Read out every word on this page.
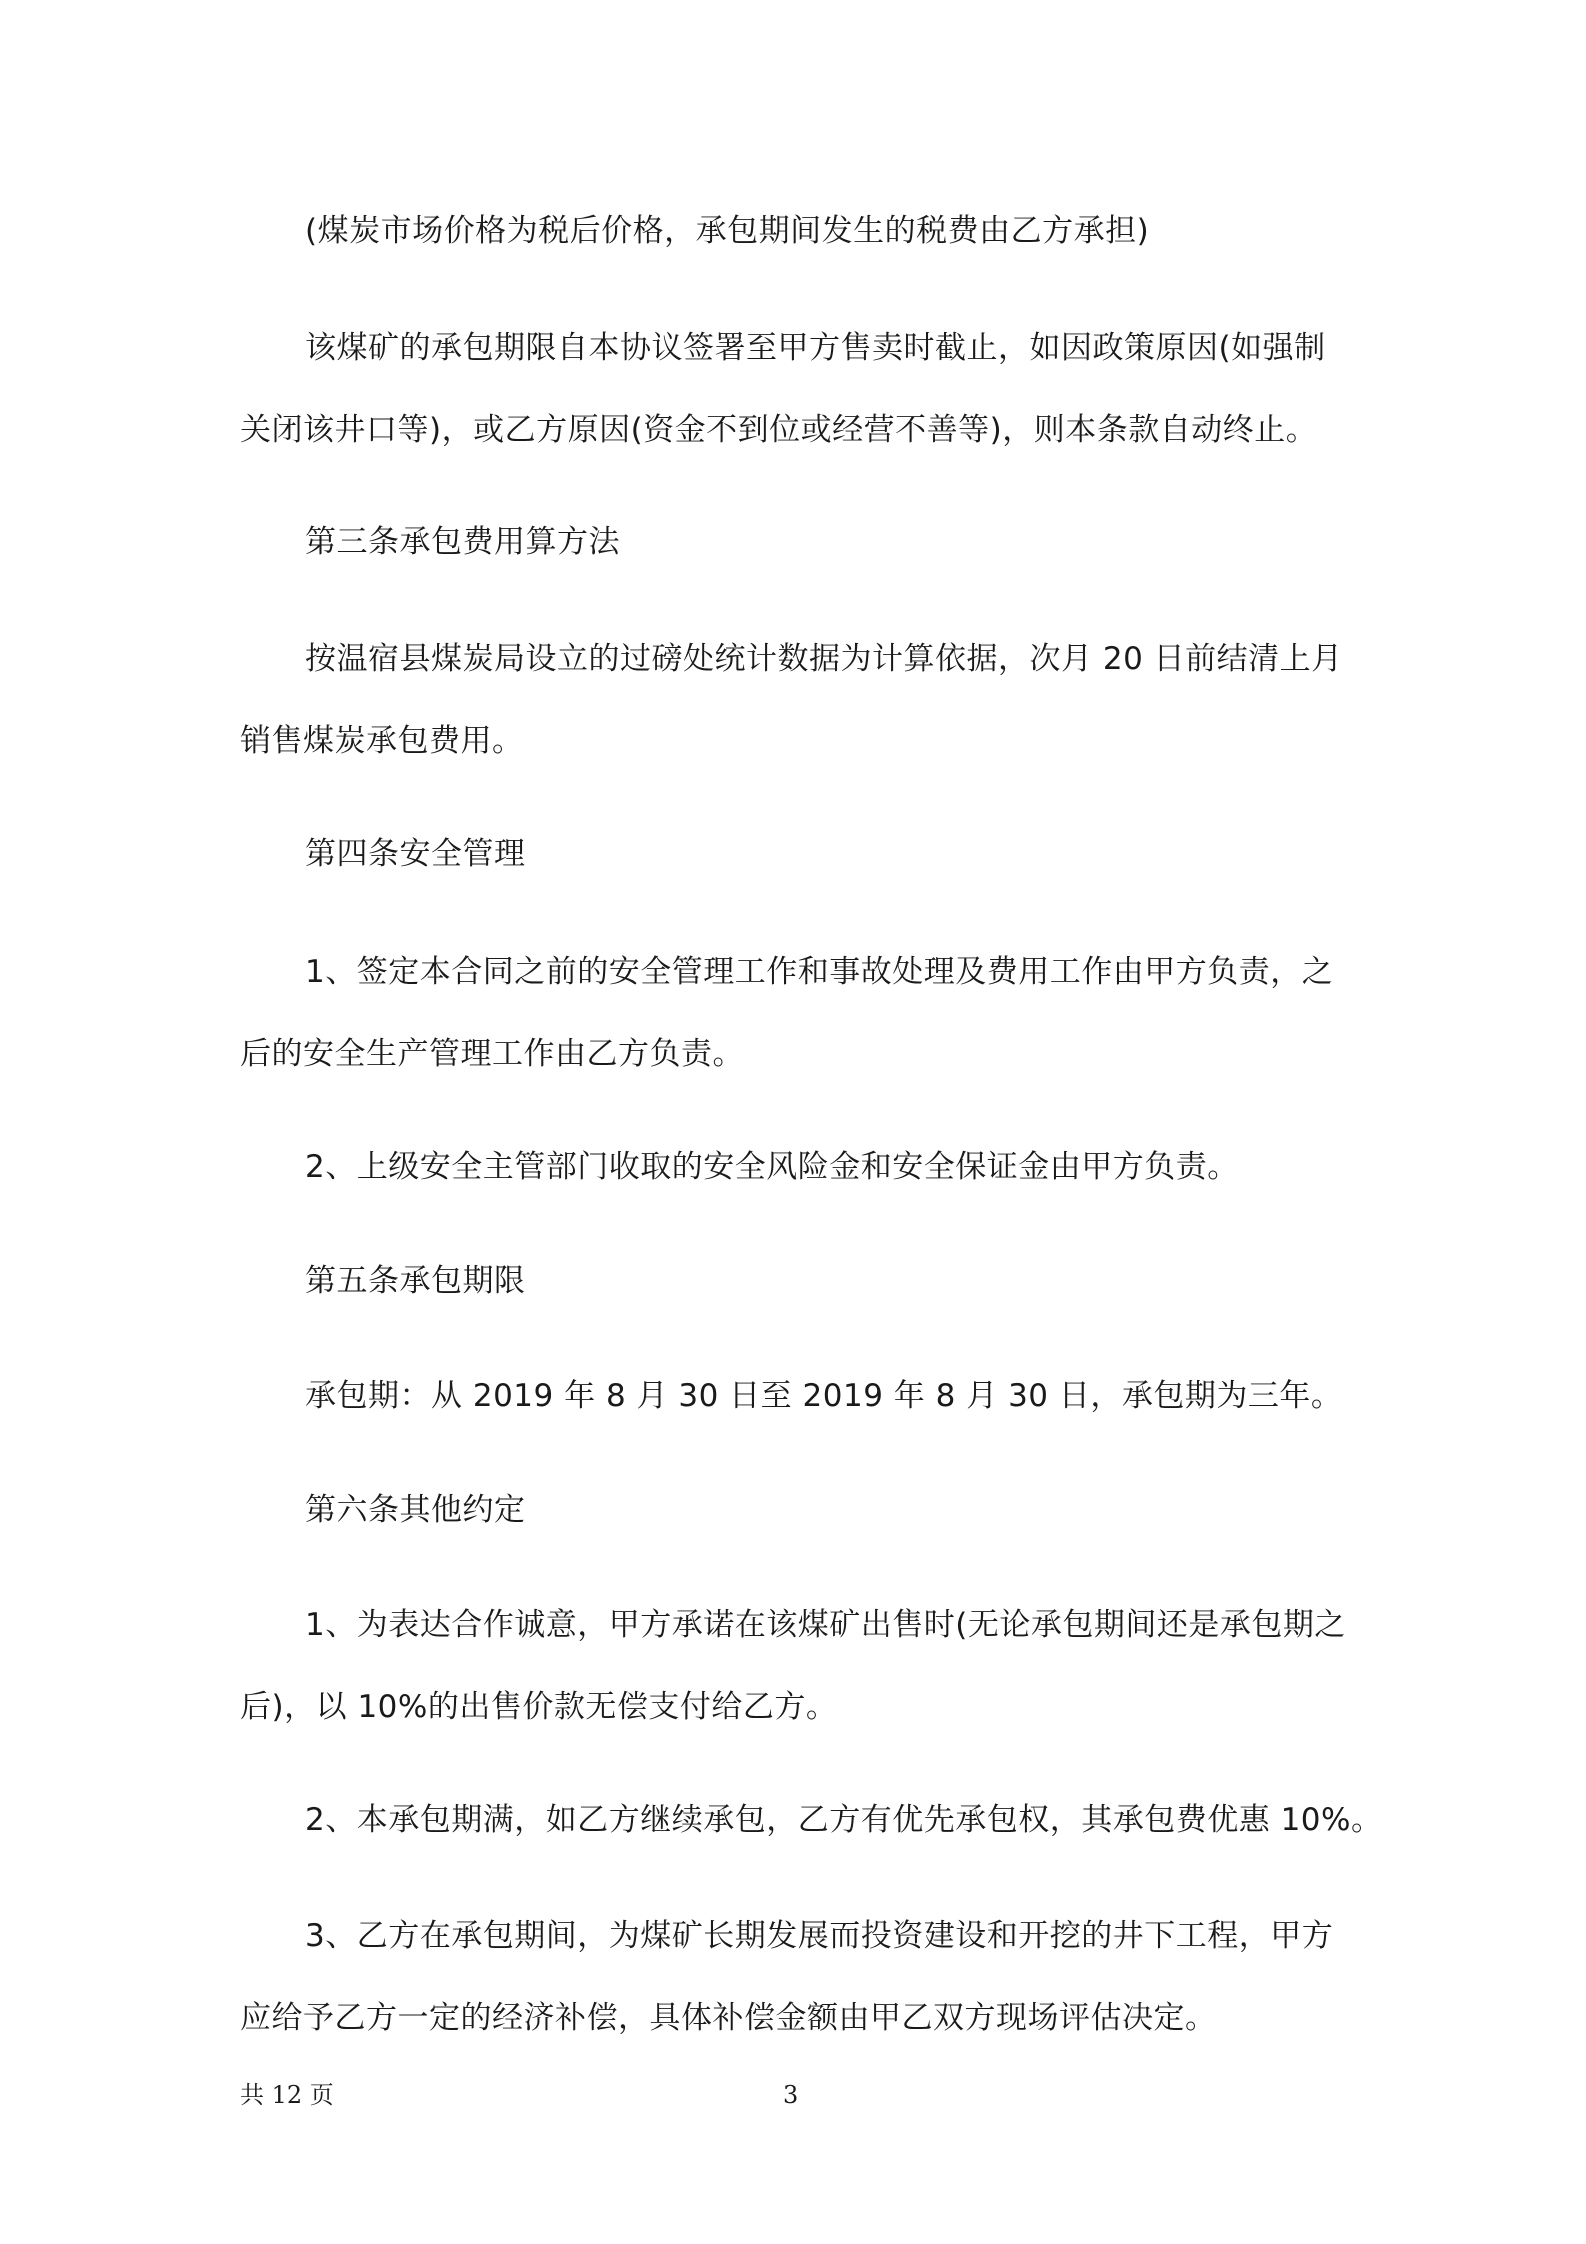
(煤炭市场价格为税后价格，承包期间发生的税费由乙方承担)
该煤矿的承包期限自本协议签署至甲方售卖时截止，如因政策原因(如强制
关闭该井口等)，或乙方原因(资金不到位或经营不善等)，则本条款自动终止。
第三条承包费用算方法
按温宿县煤炭局设立的过磅处统计数据为计算依据，次月 20 日前结清上月
销售煤炭承包费用。
第四条安全管理
1、签定本合同之前的安全管理工作和事故处理及费用工作由甲方负责，之
后的安全生产管理工作由乙方负责。
2、上级安全主管部门收取的安全风险金和安全保证金由甲方负责。
第五条承包期限
承包期：从 2019 年 8 月 30 日至 2019 年 8 月 30 日，承包期为三年。
第六条其他约定
1、为表达合作诚意，甲方承诺在该煤矿出售时(无论承包期间还是承包期之
后)，以 10%的出售价款无偿支付给乙方。
2、本承包期满，如乙方继续承包，乙方有优先承包权，其承包费优惠 10%。
3、乙方在承包期间，为煤矿长期发展而投资建设和开挖的井下工程，甲方
应给予乙方一定的经济补偿，具体补偿金额由甲乙双方现场评估决定。
共 12 页	3
